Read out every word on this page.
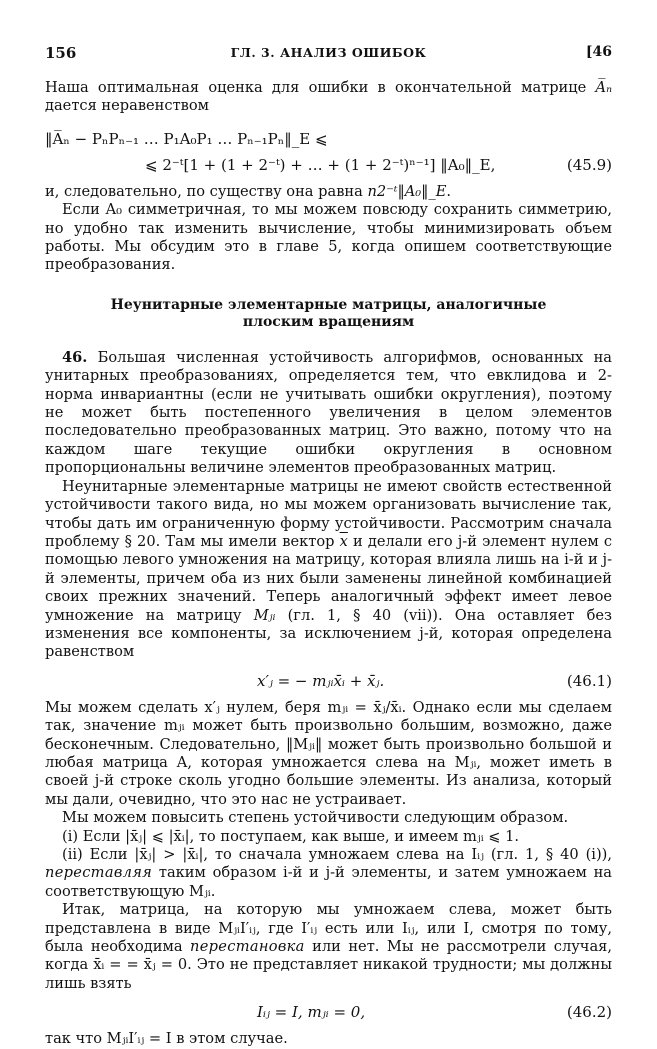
156	ГЛ. 3. АНАЛИЗ ОШИБОК	[46

Наша оптимальная оценка для ошибки в окончательной матрице A̅ₙ дается неравенством

‖A̅ₙ − PₙPₙ₋₁ … P₁A₀P₁ … Pₙ₋₁Pₙ‖_E ⩽
⩽ 2⁻ᵗ[1 + (1 + 2⁻ᵗ) + … + (1 + 2⁻ᵗ)ⁿ⁻¹] ‖A₀‖_E,	(45.9)

и, следовательно, по существу она равна n2⁻ᵗ‖A₀‖_E.

Если A₀ симметричная, то мы можем повсюду сохранить симметрию, но удобно так изменить вычисление, чтобы минимизировать объем работы. Мы обсудим это в главе 5, когда опишем соответствующие преобразования.

Неунитарные элементарные матрицы, аналогичные
плоским вращениям

46. Большая численная устойчивость алгорифмов, основанных на унитарных преобразованиях, определяется тем, что евклидова и 2-норма инвариантны (если не учитывать ошибки округления), поэтому не может быть постепенного увеличения в целом элементов последовательно преобразованных матриц. Это важно, потому что на каждом шаге текущие ошибки округления в основном пропорциональны величине элементов преобразованных матриц.

Неунитарные элементарные матрицы не имеют свойств естественной устойчивости такого вида, но мы можем организовать вычисление так, чтобы дать им ограниченную форму устойчивости. Рассмотрим сначала проблему § 20. Там мы имели вектор $\overline{x}$ и делали его j-й элемент нулем с помощью левого умножения на матрицу, которая влияла лишь на i-й и j-й элементы, причем оба из них были заменены линейной комбинацией своих прежних значений. Теперь аналогичный эффект имеет левое умножение на матрицу Mⱼᵢ (гл. 1, § 40 (vii)). Она оставляет без изменения все компоненты, за исключением j-й, которая определена равенством

x′ⱼ = − mⱼᵢx̄ᵢ + x̄ⱼ.	(46.1)

Мы можем сделать x′ⱼ нулем, беря mⱼᵢ = x̄ⱼ/x̄ᵢ. Однако если мы сделаем так, значение mⱼᵢ может быть произвольно большим, возможно, даже бесконечным. Следовательно, ‖Mⱼᵢ‖ может быть произвольно большой и любая матрица A, которая умножается слева на Mⱼᵢ, может иметь в своей j-й строке сколь угодно большие элементы. Из анализа, который мы дали, очевидно, что это нас не устраивает.

Мы можем повысить степень устойчивости следующим образом.

(i) Если |x̄ⱼ| ⩽ |x̄ᵢ|, то поступаем, как выше, и имеем mⱼᵢ ⩽ 1.

(ii) Если |x̄ⱼ| > |x̄ᵢ|, то сначала умножаем слева на Iᵢⱼ (гл. 1, § 40 (i)), переставляя таким образом i-й и j-й элементы, и затем умножаем на соответствующую Mⱼᵢ.

Итак, матрица, на которую мы умножаем слева, может быть представлена в виде MⱼᵢI′ᵢⱼ, где I′ᵢⱼ есть или Iᵢⱼ, или I, смотря по тому, была необходима перестановка или нет. Мы не рассмотрели случая, когда x̄ᵢ = = x̄ⱼ = 0. Это не представляет никакой трудности; мы должны лишь взять

Iᵢⱼ = I, mⱼᵢ = 0,	(46.2)

так что MⱼᵢI′ᵢⱼ = I в этом случае.
